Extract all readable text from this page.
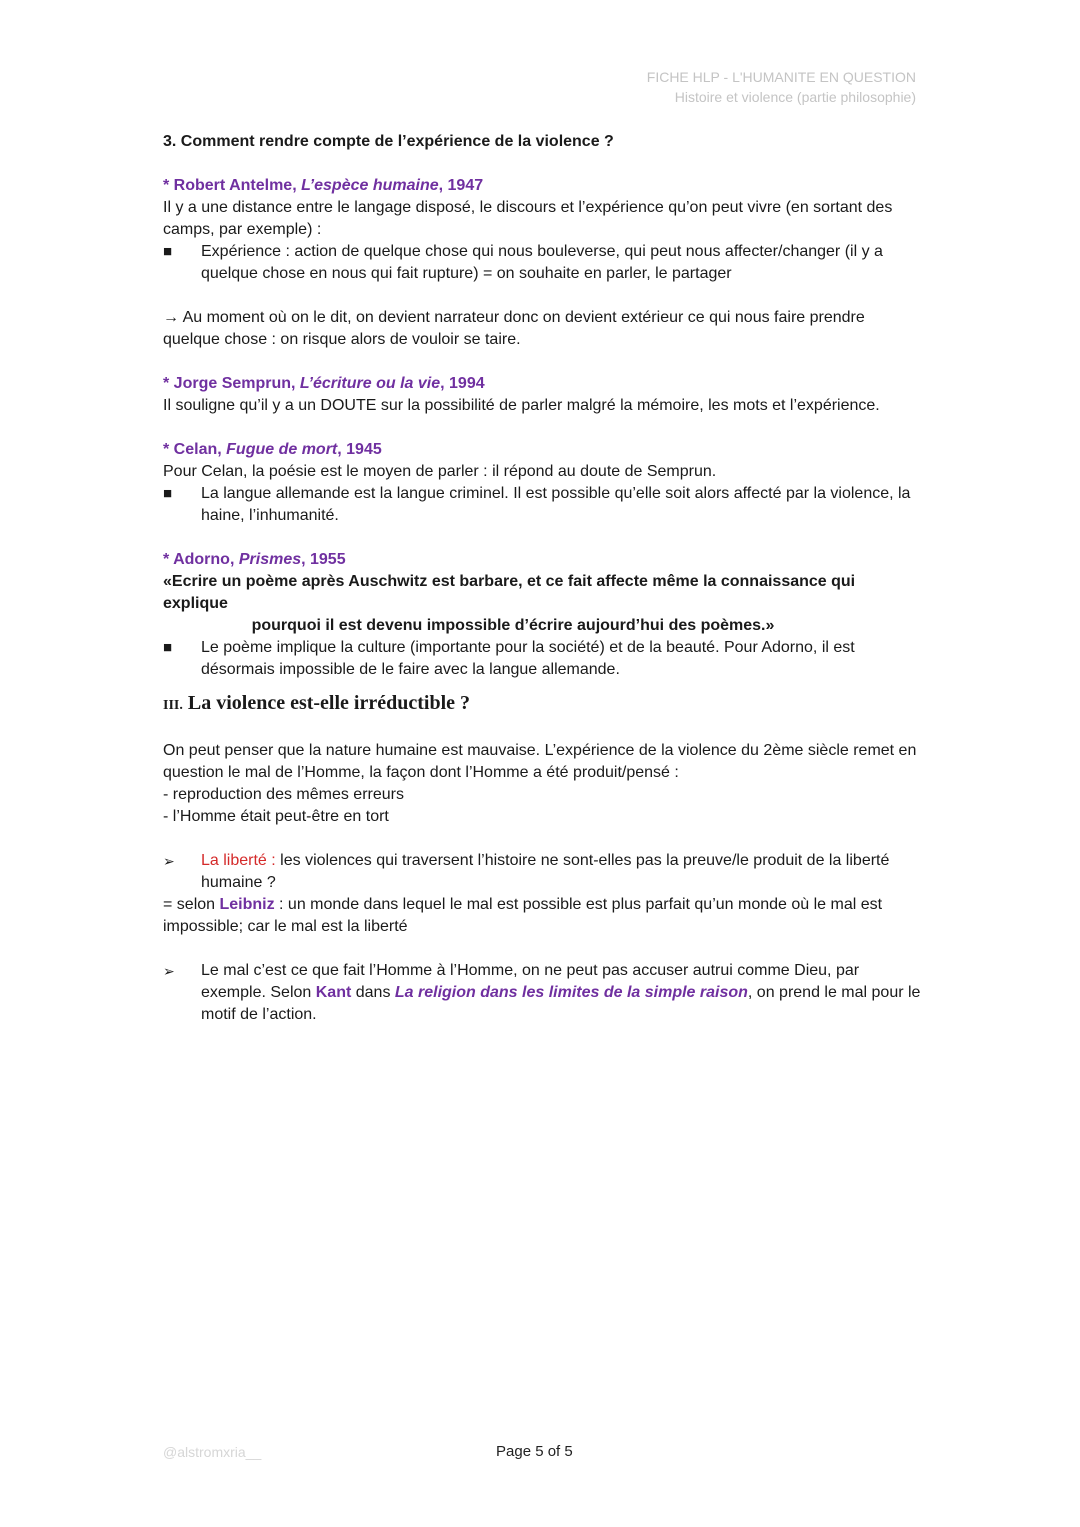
FICHE HLP - L'HUMANITE EN QUESTION
Histoire et violence (partie philosophie)

3. Comment rendre compte de l’expérience de la violence ?

* Robert Antelme, L’espèce humaine, 1947

Il y a une distance entre le langage disposé, le discours et l’expérience qu’on peut vivre (en sortant des camps, par exemple) :

■	Expérience : action de quelque chose qui nous bouleverse, qui peut nous affecter/changer (il y a quelque chose en nous qui fait rupture) = on souhaite en parler, le partager

→ Au moment où on le dit, on devient narrateur donc on devient extérieur ce qui nous faire prendre quelque chose : on risque alors de vouloir se taire.

* Jorge Semprun, L’écriture ou la vie, 1994

Il souligne qu’il y a un DOUTE sur la possibilité de parler malgré la mémoire, les mots et l’expérience.

* Celan, Fugue de mort, 1945

Pour Celan, la poésie est le moyen de parler : il répond au doute de Semprun.

■	La langue allemande est la langue criminel. Il est possible qu’elle soit alors affecté par la violence, la haine, l’inhumanité.

* Adorno, Prismes, 1955

«Ecrire un poème après Auschwitz est barbare, et ce fait affecte même la connaissance qui explique
pourquoi il est devenu impossible d’écrire aujourd’hui des poèmes.»

■	Le poème implique la culture (importante pour la société) et de la beauté. Pour Adorno, il est désormais impossible de le faire avec la langue allemande.

III. La violence est-elle irréductible ?

On peut penser que la nature humaine est mauvaise. L’expérience de la violence du 2ème siècle remet en question le mal de l’Homme, la façon dont l’Homme a été produit/pensé :

- reproduction des mêmes erreurs

- l’Homme était peut-être en tort

➢	La liberté : les violences qui traversent l’histoire ne sont-elles pas la preuve/le produit de la liberté humaine ?

= selon Leibniz : un monde dans lequel le mal est possible est plus parfait qu’un monde où le mal est impossible; car le mal est la liberté

➢	Le mal c’est ce que fait l’Homme à l’Homme, on ne peut pas accuser autrui comme Dieu, par exemple. Selon Kant dans La religion dans les limites de la simple raison, on prend le mal pour le motif de l’action.
@alstromxria__	Page 5 of 5
